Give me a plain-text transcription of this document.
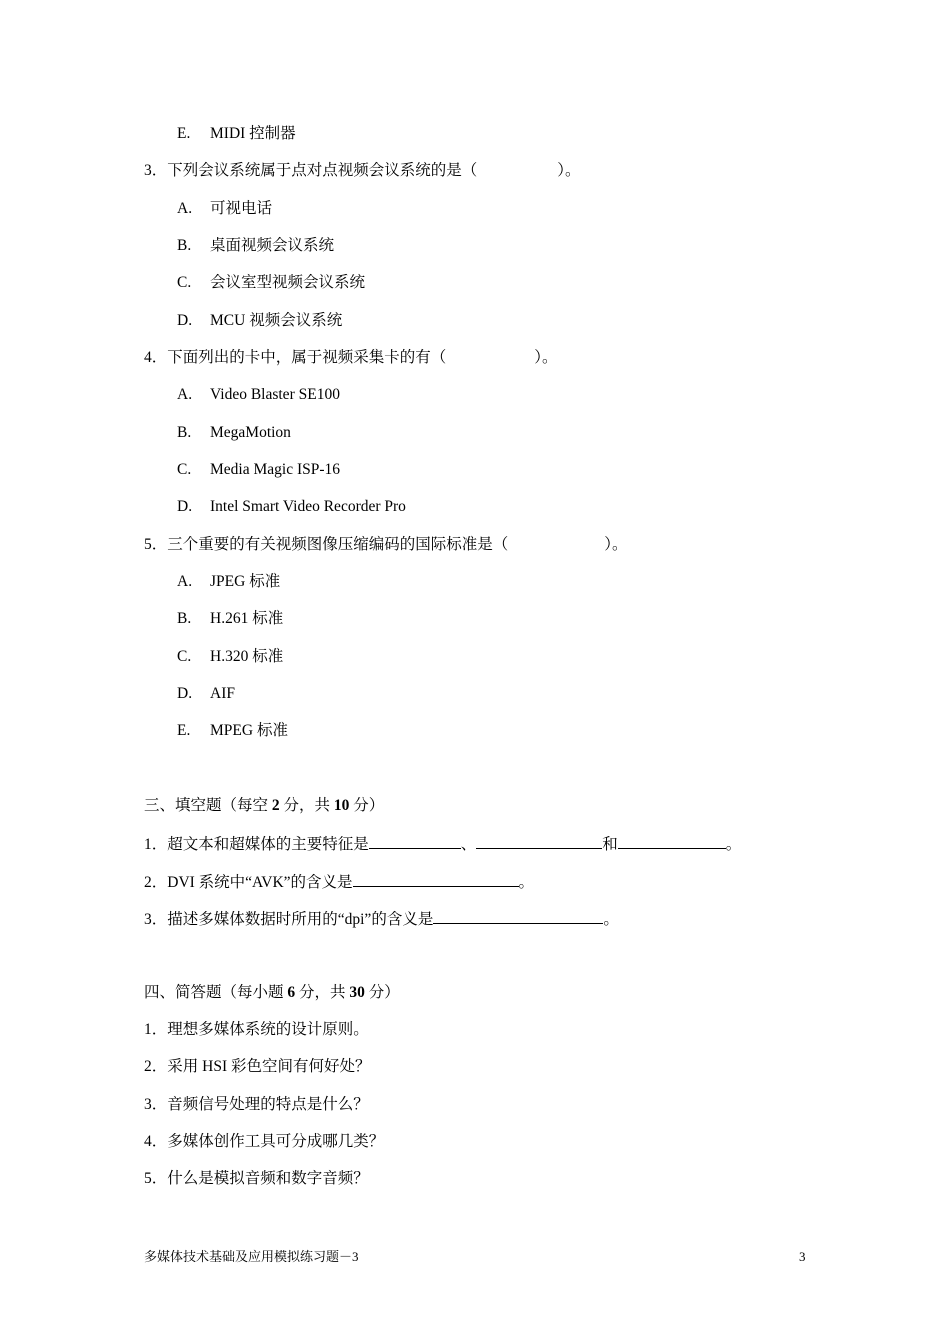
E. MIDI 控制器
3．下列会议系统属于点对点视频会议系统的是（	）。
A. 可视电话
B. 桌面视频会议系统
C. 会议室型视频会议系统
D. MCU 视频会议系统
4．下面列出的卡中，属于视频采集卡的有（	）。
A. Video Blaster SE100
B. MegaMotion
C. Media Magic ISP-16
D. Intel Smart Video Recorder Pro
5．三个重要的有关视频图像压缩编码的国际标准是（	）。
A. JPEG 标准
B. H.261 标准
C. H.320 标准
D. AIF
E. MPEG 标准
三、填空题（每空 2 分，共 10 分）
1．超文本和超媒体的主要特征是	、	和	。
2．DVI 系统中“AVK”的含义是	。
3．描述多媒体数据时所用的“dpi”的含义是	。
四、简答题（每小题 6 分，共 30 分）
1．理想多媒体系统的设计原则。
2．采用 HSI 彩色空间有何好处？
3．音频信号处理的特点是什么？
4．多媒体创作工具可分成哪几类？
5．什么是模拟音频和数字音频？
多媒体技术基础及应用模拟练习题－3	3
